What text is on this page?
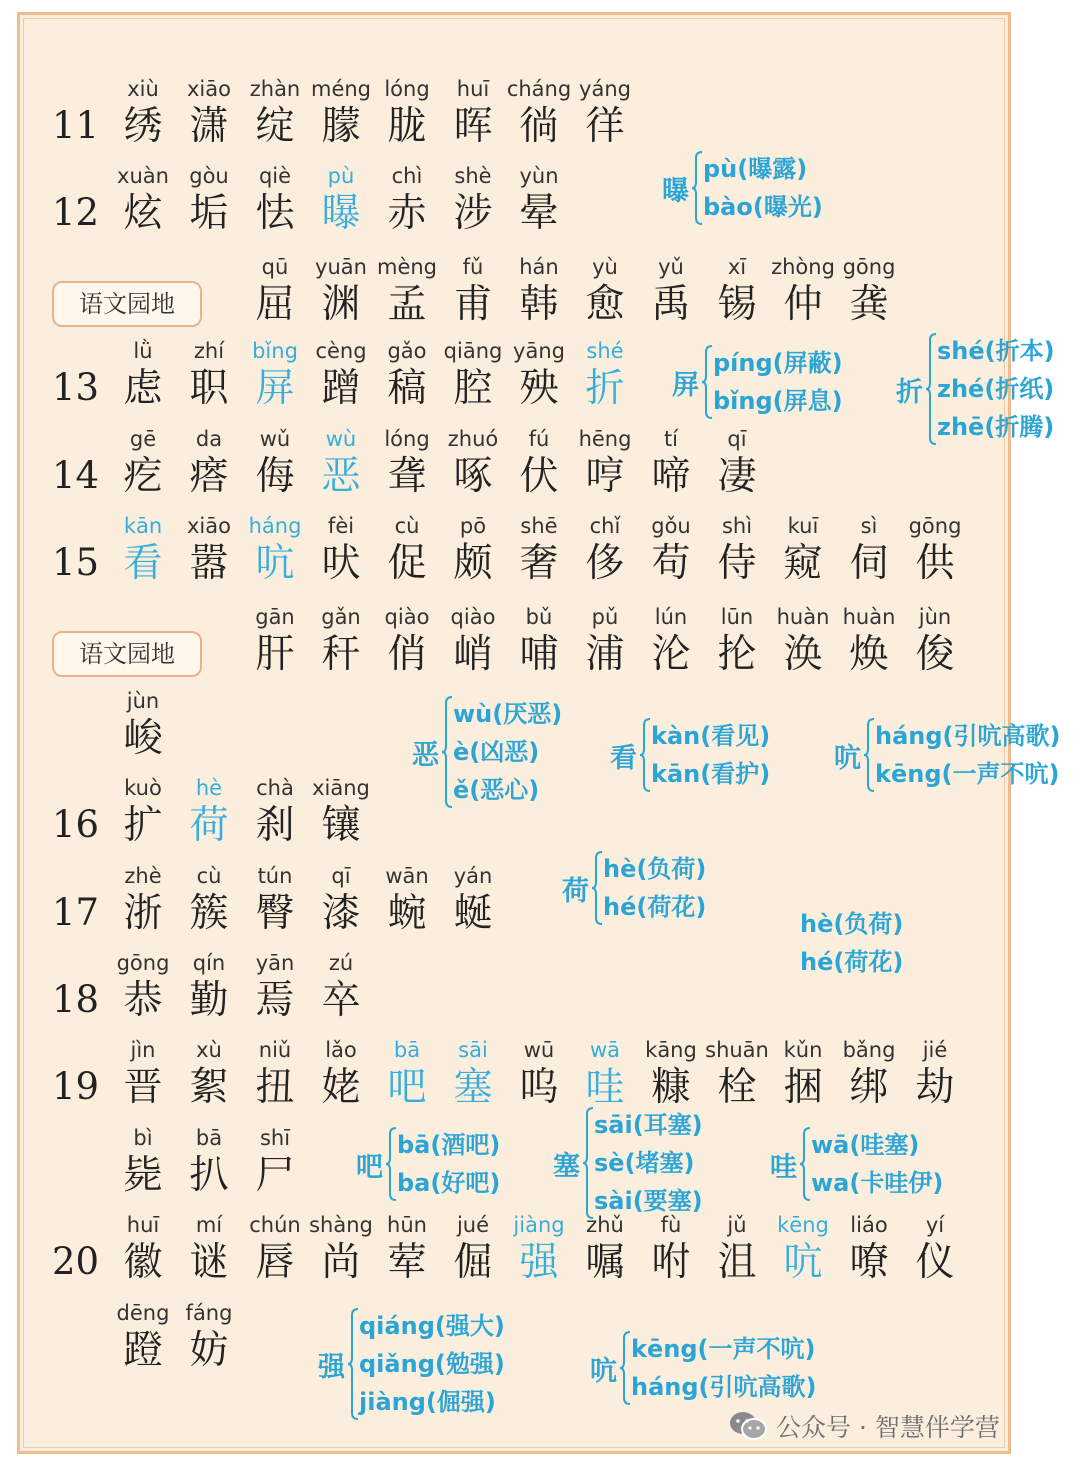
11
xiù
绣
xiāo
潇
zhàn
绽
méng
朦
lóng
胧
huī
晖
cháng
徜
yáng
徉
12
xuàn
炫
gòu
垢
qiè
怯
pù
曝
chì
赤
shè
涉
yùn
晕
语文园地
qū
屈
yuān
渊
mèng
孟
fǔ
甫
hán
韩
yù
愈
yǔ
禹
xī
锡
zhòng
仲
gōng
龚
13
lǜ
虑
zhí
职
bǐng
屏
cèng
蹭
gǎo
稿
qiāng
腔
yāng
殃
shé
折
14
gē
疙
da
瘩
wǔ
侮
wù
恶
lóng
聋
zhuó
啄
fú
伏
hēng
哼
tí
啼
qī
凄
15
kān
看
xiāo
嚣
háng
吭
fèi
吠
cù
促
pō
颇
shē
奢
chǐ
侈
gǒu
苟
shì
侍
kuī
窥
sì
伺
gōng
供
语文园地
gān
肝
gǎn
秆
qiào
俏
qiào
峭
bǔ
哺
pǔ
浦
lún
沦
lūn
抡
huàn
涣
huàn
焕
jùn
俊
jùn
峻
16
kuò
扩
hè
荷
chà
刹
xiāng
镶
17
zhè
浙
cù
簇
tún
臀
qī
漆
wān
蜿
yán
蜒
18
gōng
恭
qín
勤
yān
焉
zú
卒
19
jìn
晋
xù
絮
niǔ
扭
lǎo
姥
bā
吧
sāi
塞
wū
呜
wā
哇
kāng
糠
shuān
栓
kǔn
捆
bǎng
绑
jié
劫
bì
毙
bā
扒
shī
尸
20
huī
徽
mí
谜
chún
唇
shàng
尚
hūn
荤
jué
倔
jiàng
强
zhǔ
嘱
fù
咐
jǔ
沮
kēng
吭
liáo
嘹
yí
仪
dēng
蹬
fáng
妨
曝
pù(曝露)
bào(曝光)
屏
píng(屏蔽)
bǐng(屏息) 折
shé(折本)
zhé(折纸)
zhē(折腾)
恶
wù(厌恶)
è(凶恶)
ě(恶心)
看
kàn(看见)
kān(看护)
吭
háng(引吭高歌)
kēng(一声不吭)
荷
hè(负荷)
hé(荷花)
吧
bā(酒吧)
ba(好吧)
塞
sāi(耳塞)
sè(堵塞)
sài(要塞)
哇
wā(哇塞)
wa(卡哇伊)
强
qiáng(强大)
qiǎng(勉强)
jiàng(倔强)
吭
kēng(一声不吭)
háng(引吭高歌)
hè(负荷)
hé(荷花)
公众号 · 智慧伴学营
